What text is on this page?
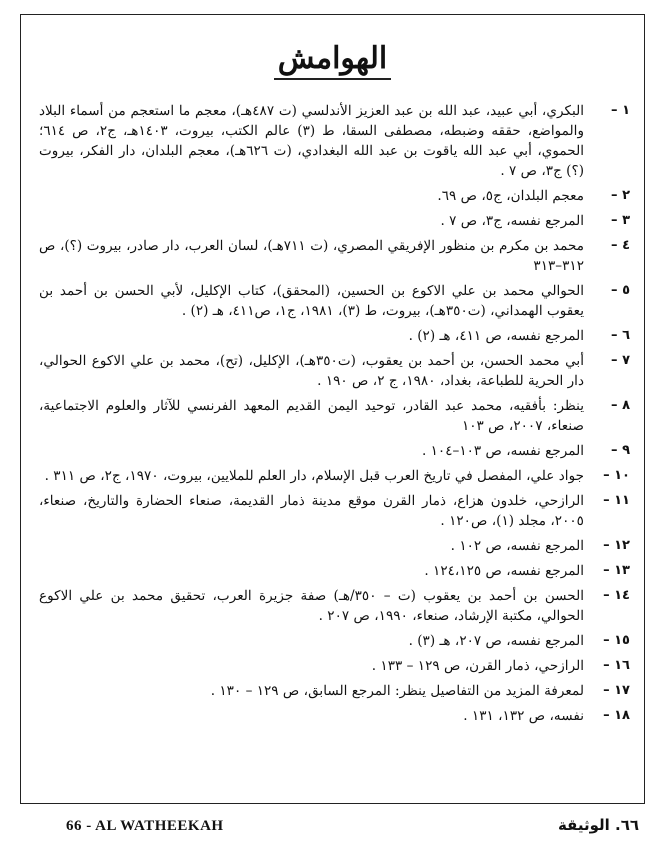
الهوامش
١ –
البكري، أبي عبيد، عبد الله بن عبد العزيز الأندلسي (ت ٤٨٧هـ)، معجم ما استعجم من أسماء البلاد والمواضع، حققه وضبطه، مصطفى السقا، ط (٣) عالم الكتب، بيروت، ١٤٠٣هـ، ج٢، ص ٦١٤؛ الحموي، أبي عبد الله ياقوت بن عبد الله البغدادي، (ت ٦٢٦هـ)، معجم البلدان، دار الفكر، بيروت (؟) ج٣، ص ٧ .
٢ –
معجم البلدان، ج٥، ص ٦٩.
٣ –
المرجع نفسه، ج٣، ص ٧ .
٤ –
محمد بن مكرم بن منظور الإفريقي المصري، (ت ٧١١هـ)، لسان العرب، دار صادر، بيروت (؟)، ص ٣١٢–٣١٣
٥ –
الحوالي محمد بن علي الاكوع بن الحسين، (المحقق)، كتاب الإكليل، لأبي الحسن بن أحمد بن يعقوب الهمداني، (ت٣٥٠هـ)، بيروت، ط (٣)، ١٩٨١، ج١، ص٤١١، هـ (٢) .
٦ –
المرجع نفسه، ص ٤١١، هـ (٢) .
٧ –
أبي محمد الحسن، بن أحمد بن يعقوب، (ت٣٥٠هـ)، الإكليل، (تح)، محمد بن علي الاكوع الحوالي، دار الحرية للطباعة، بغداد، ١٩٨٠، ج ٢، ص ١٩٠ .
٨ –
ينظر: بأفقيه، محمد عبد القادر، توحيد اليمن القديم المعهد الفرنسي للآثار والعلوم الاجتماعية، صنعاء، ٢٠٠٧، ص ١٠٣
٩ –
المرجع نفسه، ص ١٠٣–١٠٤ .
١٠ –
جواد علي، المفصل في تاريخ العرب قبل الإسلام، دار العلم للملايين، بيروت، ١٩٧٠، ج٢، ص ٣١١ .
١١ –
الرازحي، خلدون هزاع، ذمار القرن موقع مدينة ذمار القديمة، صنعاء الحضارة والتاريخ، صنعاء، ٢٠٠٥، مجلد (١)، ص١٢٠ .
١٢ –
المرجع نفسه، ص ١٠٢ .
١٣ –
المرجع نفسه، ص ١٢٤،١٢٥ .
١٤ –
الحسن بن أحمد بن يعقوب (ت – ٣٥٠/هـ) صفة جزيرة العرب، تحقيق محمد بن علي الاكوع الحوالي، مكتبة الإرشاد، صنعاء، ١٩٩٠، ص ٢٠٧ .
١٥ –
المرجع نفسه، ص ٢٠٧، هـ (٣) .
١٦ –
الرازحي، ذمار القرن، ص ١٢٩ – ١٣٣ .
١٧ –
لمعرفة المزيد من التفاصيل ينظر: المرجع السابق، ص ١٢٩ – ١٣٠ .
١٨ –
نفسه، ص ١٣٢، ١٣١ .
66 - AL WATHEEKAH	٦٦. الوثيقة
